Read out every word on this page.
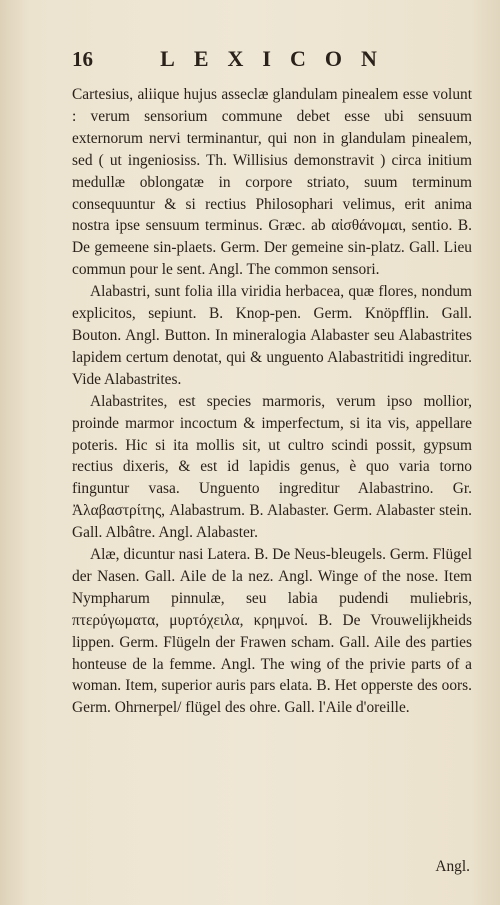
16	LEXICON

Cartesius, aliique hujus asseclæ glandulam pinealem esse volunt : verum sensorium commune debet esse ubi sensuum externorum nervi terminantur, qui non in glandulam pinealem, sed ( ut ingeniosiss. Th. Willisius demonstravit ) circa initium medullæ oblongatæ in corpore striato, suum terminum consequuntur & si rectius Philosophari velimus, erit anima nostra ipse sensuum terminus. Græc. ab αἰσθάνομαι, sentio. B. De gemeene sin-plaets. Germ. Der gemeine sin-platz. Gall. Lieu commun pour le sent. Angl. The common sensori.

Alabastri, sunt folia illa viridia herbacea, quæ flores, nondum explicitos, sepiunt. B. Knop-pen. Germ. Knöpfflin. Gall. Bouton. Angl. Button. In mineralogia Alabaster seu Alabastrites lapidem certum denotat, qui & unguento Alabastritidi ingreditur. Vide Alabastrites.

Alabastrites, est species marmoris, verum ipso mollior, proinde marmor incoctum & imperfectum, si ita vis, appellare poteris. Hic si ita mollis sit, ut cultro scindi possit, gypsum rectius dixeris, & est id lapidis genus, è quo varia torno finguntur vasa. Unguento ingreditur Alabastrino. Gr. Ἀλαβαστρίτης, Alabastrum. B. Alabaster. Germ. Alabaster stein. Gall. Albâtre. Angl. Alabaster.

Alæ, dicuntur nasi Latera. B. De Neus-bleugels. Germ. Flügel der Nasen. Gall. Aile de la nez. Angl. Winge of the nose. Item Nympharum pinnulæ, seu labia pudendi muliebris, πτερύγωματα, μυρτόχειλα, κρημνοί. B. De Vrouwelijkheids lippen. Germ. Flügeln der Frawen scham. Gall. Aile des parties honteuse de la femme. Angl. The wing of the privie parts of a woman. Item, superior auris pars elata. B. Het opperste des oors. Germ. Ohrnerpel/ flügel des ohre. Gall. l'Aile d'oreille.

Angl.
